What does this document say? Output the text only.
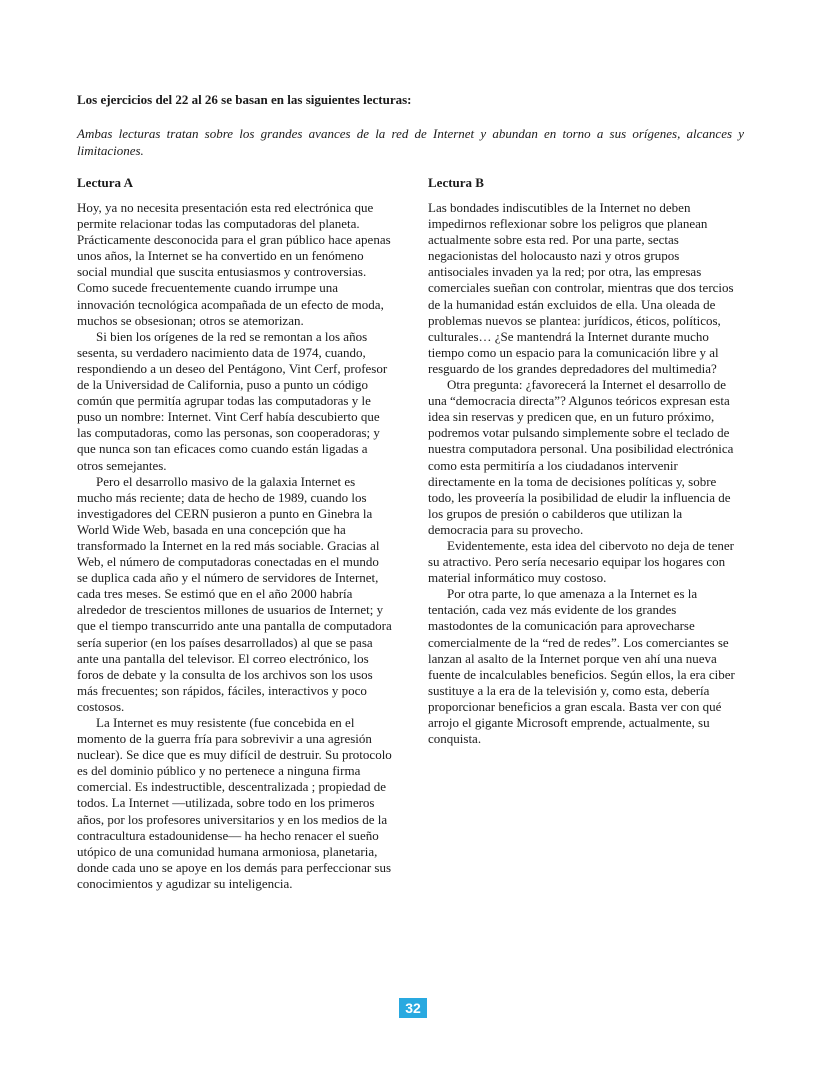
Los ejercicios del 22 al 26 se basan en las siguientes lecturas:

Ambas lecturas tratan sobre los grandes avances de la red de Internet y abundan en torno a sus orígenes, alcances y limitaciones.

Lectura A

Hoy, ya no necesita presentación esta red electrónica que permite relacionar todas las computadoras del planeta. Prácticamente desconocida para el gran público hace apenas unos años, la Internet se ha convertido en un fenómeno social mundial que suscita entusiasmos y controversias. Como sucede frecuentemente cuando irrumpe una innovación tecnológica acompañada de un efecto de moda, muchos se obsesionan; otros se atemorizan.

Si bien los orígenes de la red se remontan a los años sesenta, su verdadero nacimiento data de 1974, cuando, respondiendo a un deseo del Pentágono, Vint Cerf, profesor de la Universidad de California, puso a punto un código común que permitía agrupar todas las computadoras y le puso un nombre: Internet. Vint Cerf había descubierto que las computadoras, como las personas, son cooperadoras; y que nunca son tan eficaces como cuando están ligadas a otros semejantes.

Pero el desarrollo masivo de la galaxia Internet es mucho más reciente; data de hecho de 1989, cuando los investigadores del CERN pusieron a punto en Ginebra la World Wide Web, basada en una concepción que ha transformado la Internet en la red más sociable. Gracias al Web, el número de computadoras conectadas en el mundo se duplica cada año y el número de servidores de Internet, cada tres meses. Se estimó que en el año 2000 habría alrededor de trescientos millones de usuarios de Internet; y que el tiempo transcurrido ante una pantalla de computadora sería superior (en los países desarrollados) al que se pasa ante una pantalla del televisor. El correo electrónico, los foros de debate y la consulta de los archivos son los usos más frecuentes; son rápidos, fáciles, interactivos y poco costosos.

La Internet es muy resistente (fue concebida en el momento de la guerra fría para sobrevivir a una agresión nuclear). Se dice que es muy difícil de destruir. Su protocolo es del dominio público y no pertenece a ninguna firma comercial. Es indestructible, descentralizada ; propiedad de todos. La Internet —utilizada, sobre todo en los primeros años, por los profesores universitarios y en los medios de la contracultura estadounidense— ha hecho renacer el sueño utópico de una comunidad humana armoniosa, planetaria, donde cada uno se apoye en los demás para perfeccionar sus conocimientos y agudizar su inteligencia.

Lectura B

Las bondades indiscutibles de la Internet no deben impedirnos reflexionar sobre los peligros que planean actualmente sobre esta red. Por una parte, sectas negacionistas del holocausto nazi y otros grupos antisociales invaden ya la red; por otra, las empresas comerciales sueñan con controlar, mientras que dos tercios de la humanidad están excluidos de ella. Una oleada de problemas nuevos se plantea: jurídicos, éticos, políticos, culturales… ¿Se mantendrá la Internet durante mucho tiempo como un espacio para la comunicación libre y al resguardo de los grandes depredadores del multimedia?

Otra pregunta: ¿favorecerá la Internet el desarrollo de una “democracia directa”? Algunos teóricos expresan esta idea sin reservas y predicen que, en un futuro próximo, podremos votar pulsando simplemente sobre el teclado de nuestra computadora personal. Una posibilidad electrónica como esta permitiría a los ciudadanos intervenir directamente en la toma de decisiones políticas y, sobre todo, les proveería la posibilidad de eludir la influencia de los grupos de presión o cabilderos que utilizan la democracia para su provecho.

Evidentemente, esta idea del cibervoto no deja de tener su atractivo. Pero sería necesario equipar los hogares con material informático muy costoso.

Por otra parte, lo que amenaza a la Internet es la tentación, cada vez más evidente de los grandes mastodontes de la comunicación para aprovecharse comercialmente de la “red de redes”. Los comerciantes se lanzan al asalto de la Internet porque ven ahí una nueva fuente de incalculables beneficios. Según ellos, la era ciber sustituye a la era de la televisión y, como esta, debería proporcionar beneficios a gran escala. Basta ver con qué arrojo el gigante Microsoft emprende, actualmente, su conquista.

32
